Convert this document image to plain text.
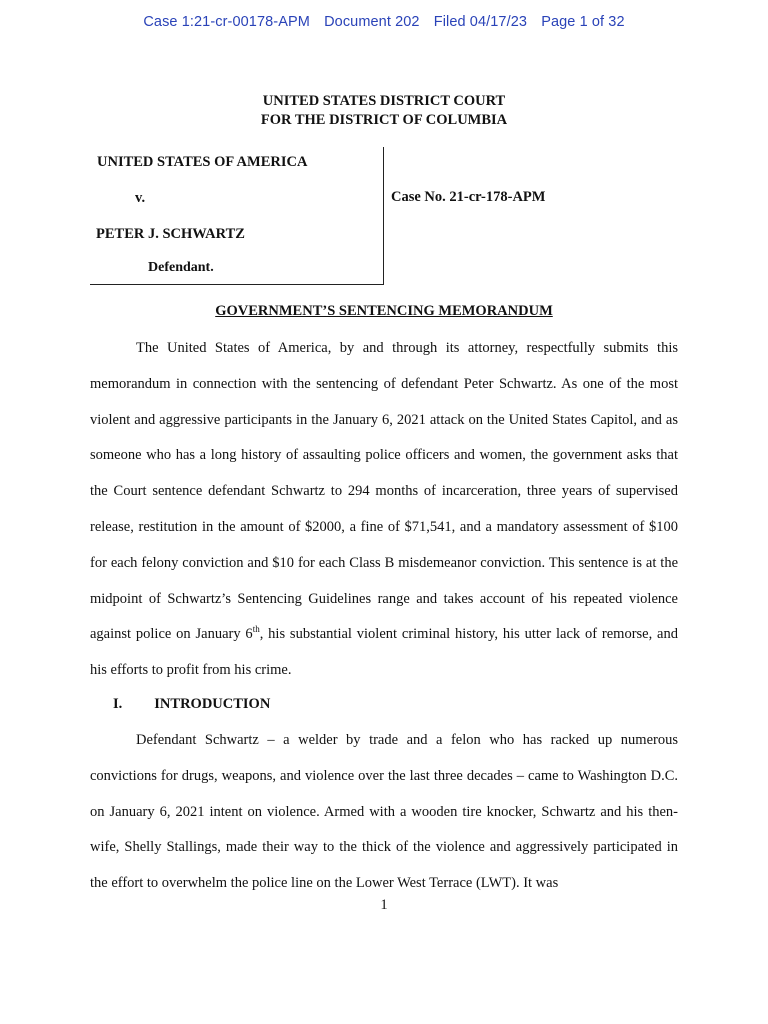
Case 1:21-cr-00178-APM Document 202 Filed 04/17/23 Page 1 of 32
UNITED STATES DISTRICT COURT
FOR THE DISTRICT OF COLUMBIA
UNITED STATES OF AMERICA
v.
PETER J. SCHWARTZ
Defendant.
Case No. 21-cr-178-APM
GOVERNMENT’S SENTENCING MEMORANDUM

The United States of America, by and through its attorney, respectfully submits this memorandum in connection with the sentencing of defendant Peter Schwartz. As one of the most violent and aggressive participants in the January 6, 2021 attack on the United States Capitol, and as someone who has a long history of assaulting police officers and women, the government asks that the Court sentence defendant Schwartz to 294 months of incarceration, three years of supervised release, restitution in the amount of $2000, a fine of $71,541, and a mandatory assessment of $100 for each felony conviction and $10 for each Class B misdemeanor conviction. This sentence is at the midpoint of Schwartz’s Sentencing Guidelines range and takes account of his repeated violence against police on January 6th, his substantial violent criminal history, his utter lack of remorse, and his efforts to profit from his crime.

I. INTRODUCTION

Defendant Schwartz – a welder by trade and a felon who has racked up numerous convictions for drugs, weapons, and violence over the last three decades – came to Washington D.C. on January 6, 2021 intent on violence. Armed with a wooden tire knocker, Schwartz and his then-wife, Shelly Stallings, made their way to the thick of the violence and aggressively participated in the effort to overwhelm the police line on the Lower West Terrace (LWT). It was

1
